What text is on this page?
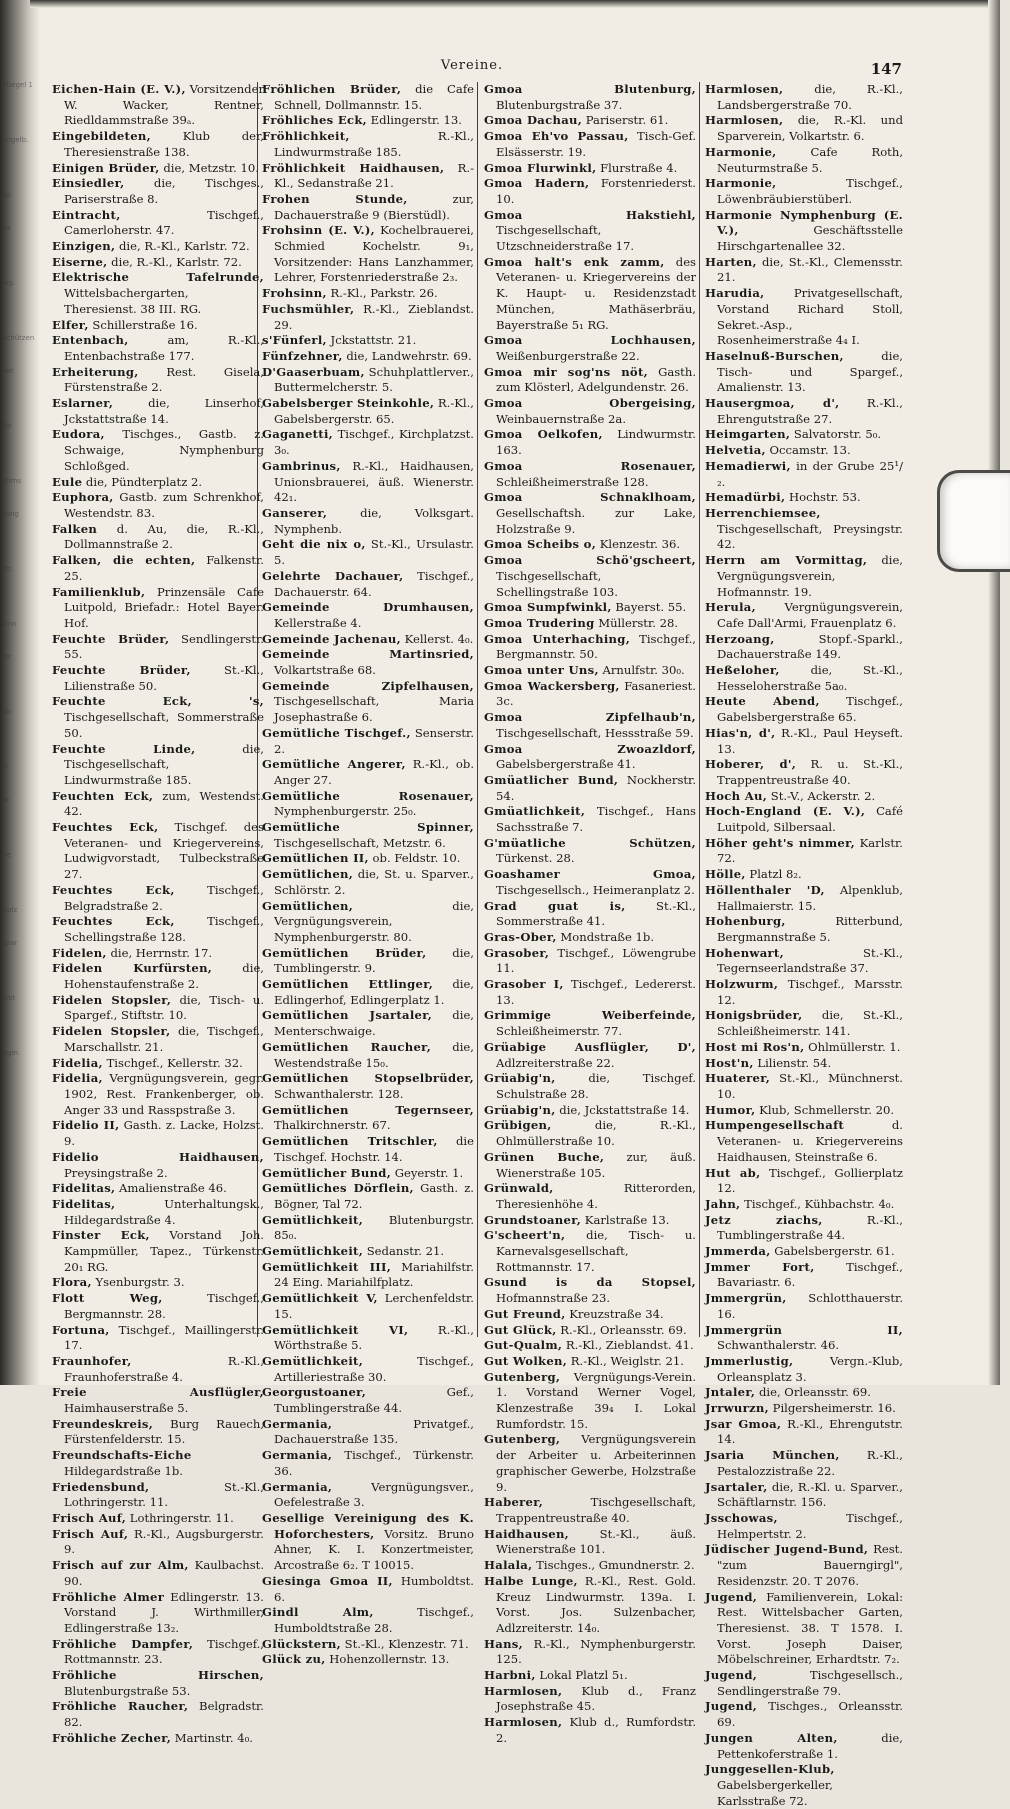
Stiegel 1
ungelb.
sp
ha
Ing.
Schützen
Ver.
für
ahms
zung
ktr.
sinn
fer
dlr.
w
Br.
ne
Holz
spar
fest
Bgm.
Vereine.	147
Eichen-Hain (E. V.), Vorsitzender W. Wacker, Rentner, Riedldammstraße 39ₐ.
Eingebildeten, Klub der, Theresienstraße 138.
Einigen Brüder, die, Metzstr. 10.
Einsiedler, die, Tischges., Pariserstraße 8.
Eintracht, Tischgef., Camerloherstr. 47.
Einzigen, die, R.-Kl., Karlstr. 72.
Eiserne, die, R.-Kl., Karlstr. 72.
Elektrische Tafelrunde, Wittelsbachergarten, Theresienst. 38 III. RG.
Elfer, Schillerstraße 16.
Entenbach, am, R.-Kl., Entenbachstraße 177.
Erheiterung, Rest. Gisela, Fürstenstraße 2.
Eslarner, die, Linserhof, Jckstattstraße 14.
Eudora, Tischges., Gastb. z. Schwaige, Nymphenburg Schloßged.
Eule die, Pündterplatz 2.
Euphora, Gastb. zum Schrenkhof, Westendstr. 83.
Falken d. Au, die, R.-Kl., Dollmannstraße 2.
Falken, die echten, Falkenstr. 25.
Familienklub, Prinzensäle Cafe Luitpold, Briefadr.: Hotel Bayer. Hof.
Feuchte Brüder, Sendlingerstr. 55.
Feuchte Brüder, St.-Kl., Lilienstraße 50.
Feuchte Eck, 's, Tischgesellschaft, Sommerstraße 50.
Feuchte Linde, die, Tischgesellschaft, Lindwurmstraße 185.
Feuchten Eck, zum, Westendst. 42.
Feuchtes Eck, Tischgef. des Veteranen- und Kriegervereins, Ludwigvorstadt, Tulbeckstraße 27.
Feuchtes Eck, Tischgef., Belgradstraße 2.
Feuchtes Eck, Tischgef., Schellingstraße 128.
Fidelen, die, Herrnstr. 17.
Fidelen Kurfürsten, die, Hohenstaufenstraße 2.
Fidelen Stopsler, die, Tisch- u. Spargef., Stiftstr. 10.
Fidelen Stopsler, die, Tischgef., Marschallstr. 21.
Fidelia, Tischgef., Kellerstr. 32.
Fidelia, Vergnügungsverein, gegr. 1902, Rest. Frankenberger, ob. Anger 33 und Rasspstraße 3.
Fidelio II, Gasth. z. Lacke, Holzst. 9.
Fidelio Haidhausen, Preysingstraße 2.
Fidelitas, Amalienstraße 46.
Fidelitas, Unterhaltungsk., Hildegardstraße 4.
Finster Eck, Vorstand Joh. Kampmüller, Tapez., Türkenstr. 20₁ RG.
Flora, Ysenburgstr. 3.
Flott Weg, Tischgef., Bergmannstr. 28.
Fortuna, Tischgef., Maillingerstr. 17.
Fraunhofer, R.-Kl., Fraunhoferstraße 4.
Freie Ausflügler, Haimhauserstraße 5.
Freundeskreis, Burg Rauech, Fürstenfelderstr. 15.
Freundschafts-Eiche Hildegardstraße 1b.
Friedensbund, St.-Kl., Lothringerstr. 11.
Frisch Auf, Lothringerstr. 11.
Frisch Auf, R.-Kl., Augsburgerstr. 9.
Frisch auf zur Alm, Kaulbachst. 90.
Fröhliche Almer Edlingerstr. 13. Vorstand J. Wirthmiller, Edlingerstraße 13₂.
Fröhliche Dampfer, Tischgef., Rottmannstr. 23.
Fröhliche Hirschen, Blutenburgstraße 53.
Fröhliche Raucher, Belgradstr. 82.
Fröhliche Zecher, Martinstr. 4₀.
Fröhlichen Brüder, die Cafe Schnell, Dollmannstr. 15.
Fröhliches Eck, Edlingerstr. 13.
Fröhlichkeit, R.-Kl., Lindwurmstraße 185.
Fröhlichkeit Haidhausen, R.-Kl., Sedanstraße 21.
Frohen Stunde, zur, Dachauerstraße 9 (Bierstüdl).
Frohsinn (E. V.), Kochelbrauerei, Schmied Kochelstr. 9₁, Vorsitzender: Hans Lanzhammer, Lehrer, Forstenriederstraße 2₃.
Frohsinn, R.-Kl., Parkstr. 26.
Fuchsmühler, R.-Kl., Zieblandst. 29.
s'Fünferl, Jckstattstr. 21.
Fünfzehner, die, Landwehrstr. 69.
D'Gaaserbuam, Schuhplattlerver., Buttermelcherstr. 5.
Gabelsberger Steinkohle, R.-Kl., Gabelsbergerstr. 65.
Gaganetti, Tischgef., Kirchplatzst. 3₀.
Gambrinus, R.-Kl., Haidhausen, Unionsbrauerei, äuß. Wienerstr. 42₁.
Ganserer, die, Volksgart. Nymphenb.
Geht die nix o, St.-Kl., Ursulastr. 5.
Gelehrte Dachauer, Tischgef., Dachauerstr. 64.
Gemeinde Drumhausen, Kellerstraße 4.
Gemeinde Jachenau, Kellerst. 4₀.
Gemeinde Martinsried, Volkartstraße 68.
Gemeinde Zipfelhausen, Tischgesellschaft, Maria Josephastraße 6.
Gemütliche Tischgef., Senserstr. 2.
Gemütliche Angerer, R.-Kl., ob. Anger 27.
Gemütliche Rosenauer, Nymphenburgerstr. 25₀.
Gemütliche Spinner, Tischgesellschaft, Metzstr. 6.
Gemütlichen II, ob. Feldstr. 10.
Gemütlichen, die, St. u. Sparver., Schlörstr. 2.
Gemütlichen, die, Vergnügungsverein, Nymphenburgerstr. 80.
Gemütlichen Brüder, die, Tumblingerstr. 9.
Gemütlichen Ettlinger, die, Edlingerhof, Edlingerplatz 1.
Gemütlichen Jsartaler, die, Menterschwaige.
Gemütlichen Raucher, die, Westendstraße 15₀.
Gemütlichen Stopselbrüder, Schwanthalerstr. 128.
Gemütlichen Tegernseer, Thalkirchnerstr. 67.
Gemütlichen Tritschler, die Tischgef. Hochstr. 14.
Gemütlicher Bund, Geyerstr. 1.
Gemütliches Dörflein, Gasth. z. Bögner, Tal 72.
Gemütlichkeit, Blutenburgstr. 85₀.
Gemütlichkeit, Sedanstr. 21.
Gemütlichkeit III, Mariahilfstr. 24 Eing. Mariahilfplatz.
Gemütlichkeit V, Lerchenfeldstr. 15.
Gemütlichkeit VI, R.-Kl., Wörthstraße 5.
Gemütlichkeit, Tischgef., Artilleriestraße 30.
Georgustoaner, Gef., Tumblingerstraße 44.
Germania, Privatgef., Dachauerstraße 135.
Germania, Tischgef., Türkenstr. 36.
Germania, Vergnügungsver., Oefelestraße 3.
Gesellige Vereinigung des K. Hoforchesters, Vorsitz. Bruno Ahner, K. I. Konzertmeister, Arcostraße 6₂. T 10015.
Giesinga Gmoa II, Humboldtst. 6.
Gindl Alm, Tischgef., Humboldtstraße 28.
Glückstern, St.-Kl., Klenzestr. 71.
Glück zu, Hohenzollernstr. 13.
Gmoa Blutenburg, Blutenburgstraße 37.
Gmoa Dachau, Pariserstr. 61.
Gmoa Eh'vo Passau, Tisch-Gef. Elsässerstr. 19.
Gmoa Flurwinkl, Flurstraße 4.
Gmoa Hadern, Forstenriederst. 10.
Gmoa Hakstiehl, Tischgesellschaft, Utzschneiderstraße 17.
Gmoa halt's enk zamm, des Veteranen- u. Kriegervereins der K. Haupt- u. Residenzstadt München, Mathäserbräu, Bayerstraße 5₁ RG.
Gmoa Lochhausen, Weißenburgerstraße 22.
Gmoa mir sog'ns nöt, Gasth. zum Klösterl, Adelgundenstr. 26.
Gmoa Obergeising, Weinbauernstraße 2a.
Gmoa Oelkofen, Lindwurmstr. 163.
Gmoa Rosenauer, Schleißheimerstraße 128.
Gmoa Schnaklhoam, Gesellschaftsh. zur Lake, Holzstraße 9.
Gmoa Scheibs o, Klenzestr. 36.
Gmoa Schö'gscheert, Tischgesellschaft, Schellingstraße 103.
Gmoa Sumpfwinkl, Bayerst. 55.
Gmoa Trudering Müllerstr. 28.
Gmoa Unterhaching, Tischgef., Bergmannstr. 50.
Gmoa unter Uns, Arnulfstr. 30₀.
Gmoa Wackersberg, Fasaneriest. 3c.
Gmoa Zipfelhaub'n, Tischgesellschaft, Hessstraße 59.
Gmoa Zwoazldorf, Gabelsbergerstraße 41.
Gmüatlicher Bund, Nockherstr. 54.
Gmüatlichkeit, Tischgef., Hans Sachsstraße 7.
G'müatliche Schützen, Türkenst. 28.
Goashamer Gmoa, Tischgesellsch., Heimeranplatz 2.
Grad guat is, St.-Kl., Sommerstraße 41.
Gras-Ober, Mondstraße 1b.
Grasober, Tischgef., Löwengrube 11.
Grasober I, Tischgef., Ledererst. 13.
Grimmige Weiberfeinde, Schleißheimerstr. 77.
Grüabige Ausflügler, D', Adlzreiterstraße 22.
Grüabig'n, die, Tischgef. Schulstraße 28.
Grüabig'n, die, Jckstattstraße 14.
Grübigen, die, R.-Kl., Ohlmüllerstraße 10.
Grünen Buche, zur, äuß. Wienerstraße 105.
Grünwald, Ritterorden, Theresienhöhe 4.
Grundstoaner, Karlstraße 13.
G'scheert'n, die, Tisch- u. Karnevalsgesellschaft, Rottmannstr. 17.
Gsund is da Stopsel, Hofmannstraße 23.
Gut Freund, Kreuzstraße 34.
Gut Glück, R.-Kl., Orleansstr. 69.
Gut-Qualm, R.-Kl., Zieblandst. 41.
Gut Wolken, R.-Kl., Weiglstr. 21.
Gutenberg, Vergnügungs-Verein. 1. Vorstand Werner Vogel, Klenzestraße 39₄ I. Lokal Rumfordstr. 15.
Gutenberg, Vergnügungsverein der Arbeiter u. Arbeiterinnen graphischer Gewerbe, Holzstraße 9.
Haberer, Tischgesellschaft, Trappentreustraße 40.
Haidhausen, St.-Kl., äuß. Wienerstraße 101.
Halala, Tischges., Gmundnerstr. 2.
Halbe Lunge, R.-Kl., Rest. Gold. Kreuz Lindwurmstr. 139a. I. Vorst. Jos. Sulzenbacher, Adlzreiterstr. 14₀.
Hans, R.-Kl., Nymphenburgerstr. 125.
Harbni, Lokal Platzl 5₁.
Harmlosen, Klub d., Franz Josephstraße 45.
Harmlosen, Klub d., Rumfordstr. 2.
Harmlosen, die, R.-Kl., Landsbergerstraße 70.
Harmlosen, die, R.-Kl. und Sparverein, Volkartstr. 6.
Harmonie, Cafe Roth, Neuturmstraße 5.
Harmonie, Tischgef., Löwenbräubierstüberl.
Harmonie Nymphenburg (E. V.), Geschäftsstelle Hirschgartenallee 32.
Harten, die, St.-Kl., Clemensstr. 21.
Harudia, Privatgesellschaft, Vorstand Richard Stoll, Sekret.-Asp., Rosenheimerstraße 4₄ I.
Haselnuß-Burschen, die, Tisch- und Spargef., Amalienstr. 13.
Hausergmoa, d', R.-Kl., Ehrengutstraße 27.
Heimgarten, Salvatorstr. 5₀.
Helvetia, Occamstr. 13.
Hemadierwi, in der Grube 25¹/₂.
Hemadürbi, Hochstr. 53.
Herrenchiemsee, Tischgesellschaft, Preysingstr. 42.
Herrn am Vormittag, die, Vergnügungsverein, Hofmannstr. 19.
Herula, Vergnügungsverein, Cafe Dall'Armi, Frauenplatz 6.
Herzoang, Stopf.-Sparkl., Dachauerstraße 149.
Heßeloher, die, St.-Kl., Hesseloherstraße 5a₀.
Heute Abend, Tischgef., Gabelsbergerstraße 65.
Hias'n, d', R.-Kl., Paul Heyseft. 13.
Hoberer, d', R. u. St.-Kl., Trappentreustraße 40.
Hoch Au, St.-V., Ackerstr. 2.
Hoch-England (E. V.), Café Luitpold, Silbersaal.
Höher geht's nimmer, Karlstr. 72.
Hölle, Platzl 8₂.
Höllenthaler 'D, Alpenklub, Hallmaierstr. 15.
Hohenburg, Ritterbund, Bergmannstraße 5.
Hohenwart, St.-Kl., Tegernseerlandstraße 37.
Holzwurm, Tischgef., Marsstr. 12.
Honigsbrüder, die, St.-Kl., Schleißheimerstr. 141.
Host mi Ros'n, Ohlmüllerstr. 1.
Host'n, Lilienstr. 54.
Huaterer, St.-Kl., Münchnerst. 10.
Humor, Klub, Schmellerstr. 20.
Humpengesellschaft d. Veteranen- u. Kriegervereins Haidhausen, Steinstraße 6.
Hut ab, Tischgef., Gollierplatz 12.
Jahn, Tischgef., Kühbachstr. 4₀.
Jetz ziachs, R.-Kl., Tumblingerstraße 44.
Jmmerda, Gabelsbergerstr. 61.
Jmmer Fort, Tischgef., Bavariastr. 6.
Jmmergrün, Schlotthauerstr. 16.
Jmmergrün II, Schwanthalerstr. 46.
Jmmerlustig, Vergn.-Klub, Orleansplatz 3.
Jntaler, die, Orleansstr. 69.
Jrrwurzn, Pilgersheimerstr. 16.
Jsar Gmoa, R.-Kl., Ehrengutstr. 14.
Jsaria München, R.-Kl., Pestalozzistraße 22.
Jsartaler, die, R.-Kl. u. Sparver., Schäftlarnstr. 156.
Jsschowas, Tischgef., Helmpertstr. 2.
Jüdischer Jugend-Bund, Rest. "zum Bauerngirgl", Residenzstr. 20. T 2076.
Jugend, Familienverein, Lokal: Rest. Wittelsbacher Garten, Theresienst. 38. T 1578. I. Vorst. Joseph Daiser, Möbelschreiner, Erhardtstr. 7₂.
Jugend, Tischgesellsch., Sendlingerstraße 79.
Jugend, Tischges., Orleansstr. 69.
Jungen Alten, die, Pettenkoferstraße 1.
Junggesellen-Klub, Gabelsbergerkeller, Karlsstraße 72.
